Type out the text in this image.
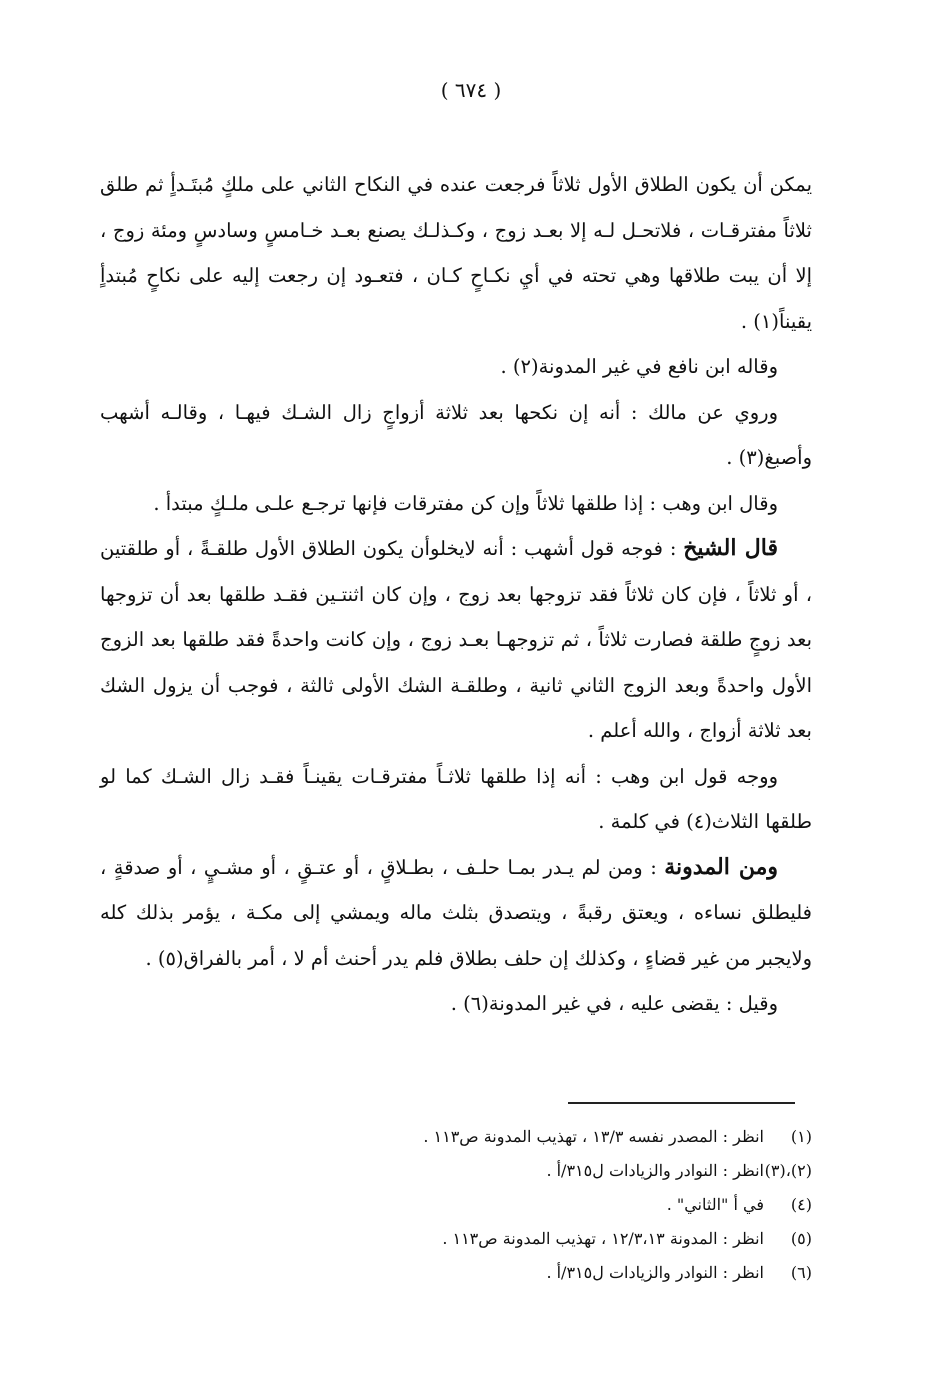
( ٦٧٤ )

يمكن أن يكون الطلاق الأول ثلاثاً فرجعت عنده في النكاح الثاني على ملكٍ مُبتَـدأٍ ثم طلق ثلاثاً مفترقـات ، فلاتحـل لـه إلا بعـد زوج ، وكـذلـك يصنع بعـد خـامسٍ وسادسٍ ومئة زوج ، إلا أن يبت طلاقها وهي تحته في أيِ نكـاحٍ كـان ، فتعـود إن رجعت إليه على نكاحٍ مُبتدأٍ يقيناً(١) .

وقاله ابن نافع في غير المدونة(٢) .

وروي عن مالك : أنه إن نكحها بعد ثلاثة أزواجٍ زال الشـك فيهـا ، وقالـه أشهب وأصبغ(٣) .

وقال ابن وهب : إذا طلقها ثلاثاً وإن كن مفترقات فإنها ترجـع علـى ملـكٍ مبتدأ .

قال الشيخ : فوجه قول أشهب : أنه لايخلوأن يكون الطلاق الأول طلقـةً ، أو طلقتين ، أو ثلاثاً ، فإن كان ثلاثاً فقد تزوجها بعد زوج ، وإن كان اثنتـين فقـد طلقها بعد أن تزوجها بعد زوجٍ طلقة فصارت ثلاثاً ، ثم تزوجهـا بعـد زوج ، وإن كانت واحدةً فقد طلقها بعد الزوج الأول واحدةً وبعد الزوج الثاني ثانية ، وطلقـة الشك الأولى ثالثة ، فوجب أن يزول الشك بعد ثلاثة أزواج ، والله أعلم .

ووجه قول ابن وهب : أنه إذا طلقها ثلاثـاً مفترقـات يقينـاً فقـد زال الشـك كما لو طلقها الثلاث(٤) في كلمة .

ومن المدونة : ومن لم يـدر بمـا حلـف ، بطـلاقٍ ، أو عتـقٍ ، أو مشـيٍ ، أو صدقةٍ ، فليطلق نساءه ، ويعتق رقبةً ، ويتصدق بثلث ماله ويمشي إلى مكـة ، يؤمر بذلك كله ولايجبر من غير قضاءٍ ، وكذلك إن حلف بطلاق فلم يدر أحنث أم لا ، أمر بالفراق(٥) .

وقيل : يقضى عليه ، في غير المدونة(٦) .

(١)انظر : المصدر نفسه ١٣/٣ ، تهذيب المدونة ص١١٣ .
(٢)،(٣)انظر : النوادر والزيادات ل٣١٥/أ .
(٤)في أ "الثاني" .
(٥)انظر : المدونة ١٢/٣،١٣ ، تهذيب المدونة ص١١٣ .
(٦)انظر : النوادر والزيادات ل٣١٥/أ .
